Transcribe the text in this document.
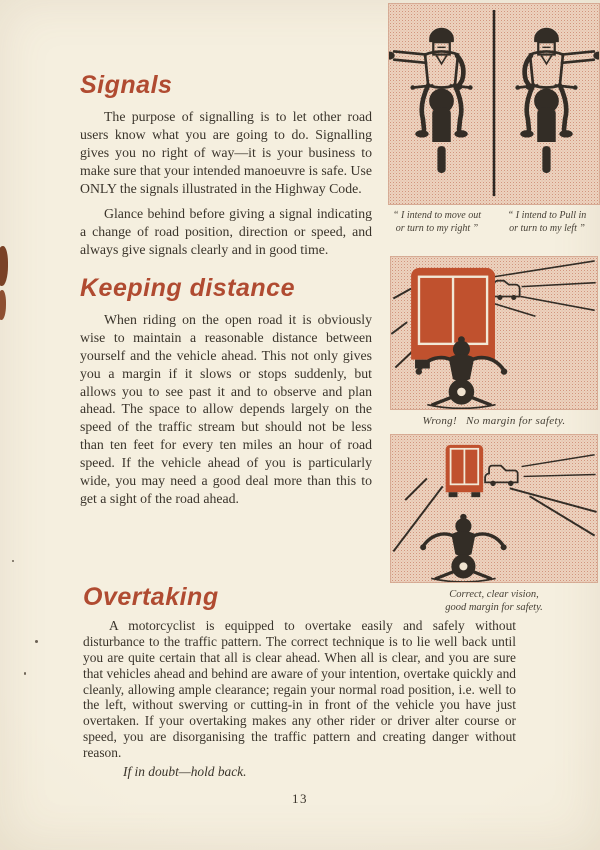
Signals

The purpose of signalling is to let other road users know what you are going to do. Signalling gives you no right of way—it is your business to make sure that your intended manoeuvre is safe. Use ONLY the signals illustrated in the Highway Code.

Glance behind before giving a signal indicating a change of road position, direction or speed, and always give signals clearly and in good time.

Keeping distance

When riding on the open road it is obviously wise to maintain a reasonable distance between yourself and the vehicle ahead. This not only gives you a margin if it slows or stops suddenly, but allows you to see past it and to observe and plan ahead. The space to allow depends largely on the speed of the traffic stream but should not be less than ten feet for every ten miles an hour of road speed. If the vehicle ahead of you is particularly wide, you may need a good deal more than this to get a sight of the road ahead.

“ I intend to move out
or turn to my right ”
“ I intend to Pull in
or turn to my left ”
Wrong!   No margin for safety.
Correct, clear vision,
good margin for safety.
Overtaking

A motorcyclist is equipped to overtake easily and safely without disturbance to the traffic pattern. The correct technique is to lie well back until you are quite certain that all is clear ahead. When all is clear, and you are sure that vehicles ahead and behind are aware of your intention, overtake quickly and cleanly, allowing ample clearance; regain your normal road position, i.e. well to the left, without swerving or cutting-in in front of the vehicle you have just overtaken. If your overtaking makes any other rider or driver alter course or speed, you are disorganising the traffic pattern and creating danger without reason.

If in doubt—hold back.

13
